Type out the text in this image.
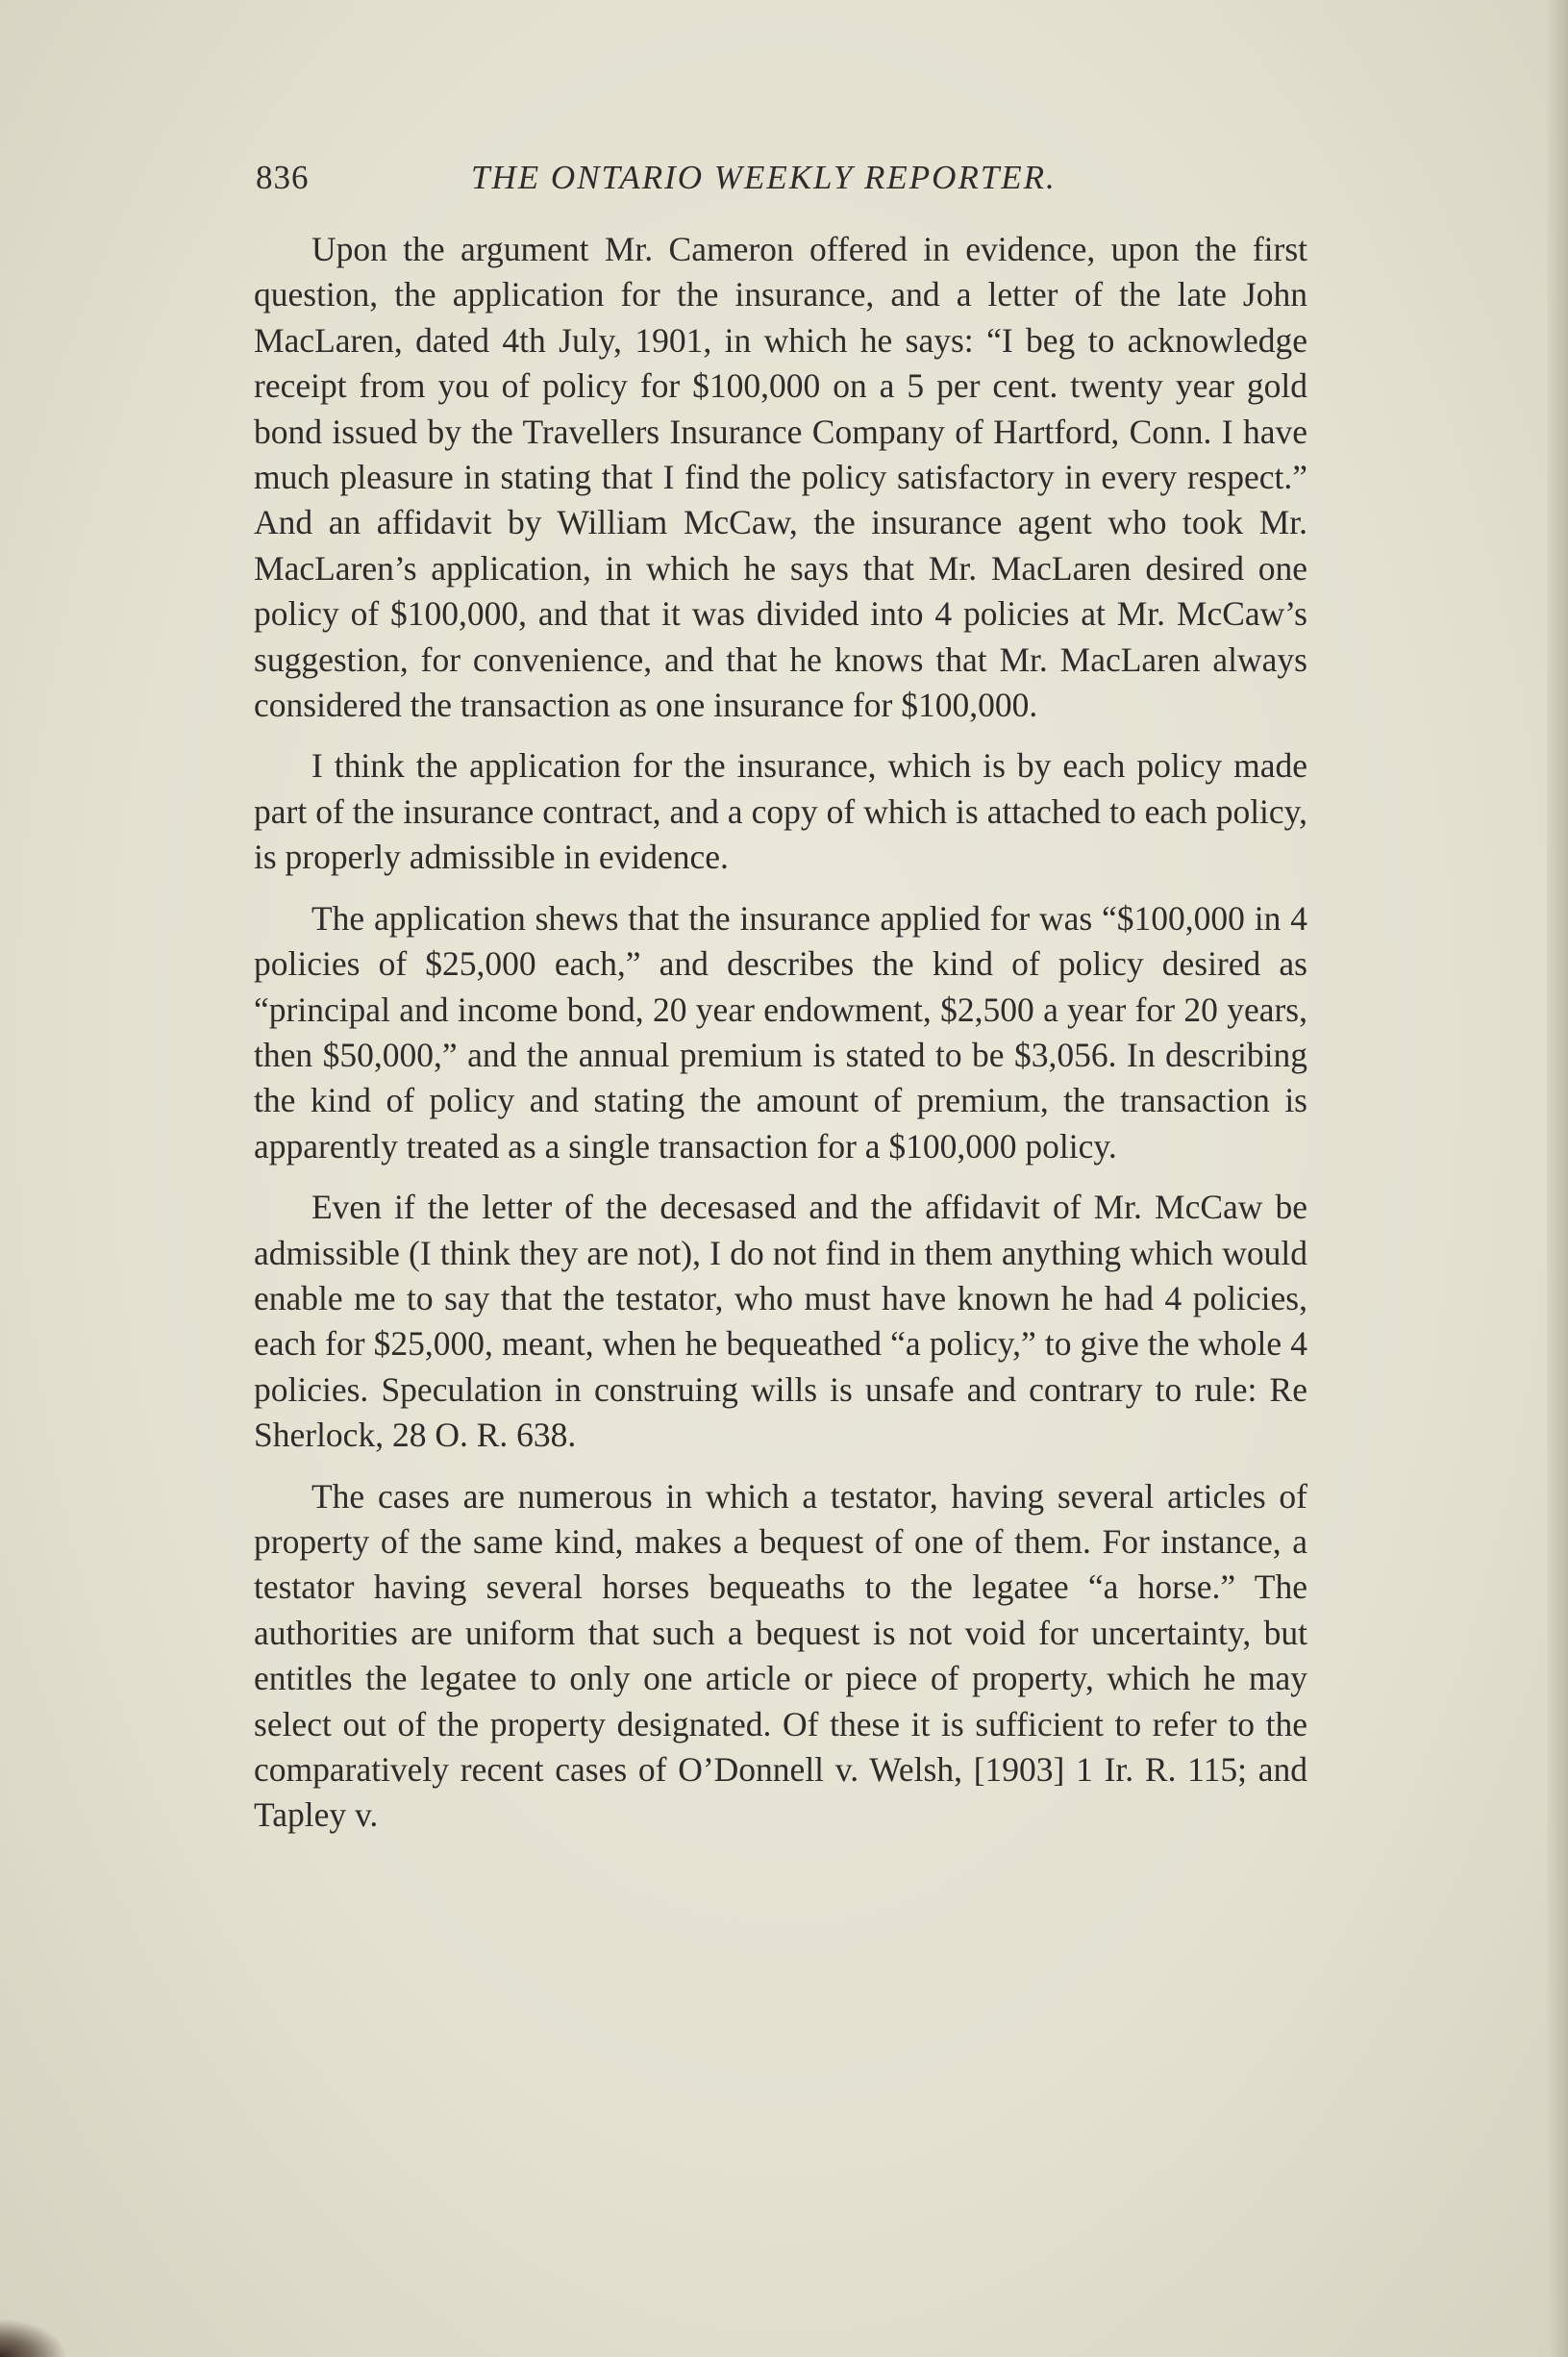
836	THE ONTARIO WEEKLY REPORTER.

Upon the argument Mr. Cameron offered in evidence, upon the first question, the application for the insurance, and a letter of the late John MacLaren, dated 4th July, 1901, in which he says: “I beg to acknowledge receipt from you of policy for $100,000 on a 5 per cent. twenty year gold bond issued by the Travellers Insurance Company of Hartford, Conn. I have much pleasure in stating that I find the policy satisfactory in every respect.” And an affidavit by William McCaw, the insurance agent who took Mr. MacLaren’s application, in which he says that Mr. MacLaren desired one policy of $100,000, and that it was divided into 4 policies at Mr. McCaw’s suggestion, for convenience, and that he knows that Mr. MacLaren always considered the transaction as one insurance for $100,000.

I think the application for the insurance, which is by each policy made part of the insurance contract, and a copy of which is attached to each policy, is properly admissible in evidence.

The application shews that the insurance applied for was “$100,000 in 4 policies of $25,000 each,” and describes the kind of policy desired as “principal and income bond, 20 year endowment, $2,500 a year for 20 years, then $50,000,” and the annual premium is stated to be $3,056. In describing the kind of policy and stating the amount of premium, the transaction is apparently treated as a single transaction for a $100,000 policy.

Even if the letter of the decesased and the affidavit of Mr. McCaw be admissible (I think they are not), I do not find in them anything which would enable me to say that the testator, who must have known he had 4 policies, each for $25,000, meant, when he bequeathed “a policy,” to give the whole 4 policies. Speculation in construing wills is unsafe and contrary to rule: Re Sherlock, 28 O. R. 638.

The cases are numerous in which a testator, having several articles of property of the same kind, makes a bequest of one of them. For instance, a testator having several horses bequeaths to the legatee “a horse.” The authorities are uniform that such a bequest is not void for uncertainty, but entitles the legatee to only one article or piece of property, which he may select out of the property designated. Of these it is sufficient to refer to the comparatively recent cases of O’Donnell v. Welsh, [1903] 1 Ir. R. 115; and Tapley v.
